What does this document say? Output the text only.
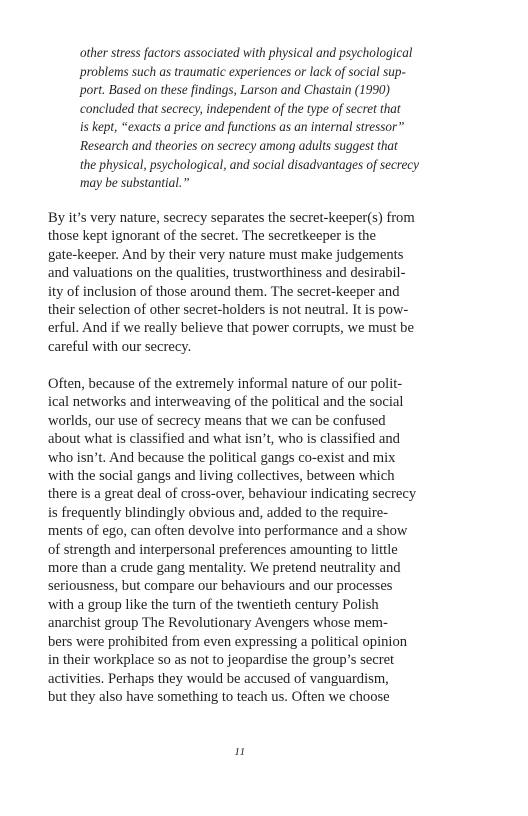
other stress factors associated with physical and psychological
problems such as traumatic experiences or lack of social sup-
port. Based on these findings, Larson and Chastain (1990)
concluded that secrecy, independent of the type of secret that
is kept, “exacts a price and functions as an internal stressor”
Research and theories on secrecy among adults suggest that
the physical, psychological, and social disadvantages of secrecy
may be substantial.”
By it’s very nature, secrecy separates the secret-keeper(s) from
those kept ignorant of the secret. The secretkeeper is the
gate-keeper. And by their very nature must make judgements
and valuations on the qualities, trustworthiness and desirabil-
ity of inclusion of those around them. The secret-keeper and
their selection of other secret-holders is not neutral. It is pow-
erful. And if we really believe that power corrupts, we must be
careful with our secrecy.
Often, because of the extremely informal nature of our polit-
ical networks and interweaving of the political and the social
worlds, our use of secrecy means that we can be confused
about what is classified and what isn’t, who is classified and
who isn’t. And because the political gangs co-exist and mix
with the social gangs and living collectives, between which
there is a great deal of cross-over, behaviour indicating secrecy
is frequently blindingly obvious and, added to the require-
ments of ego, can often devolve into performance and a show
of strength and interpersonal preferences amounting to little
more than a crude gang mentality. We pretend neutrality and
seriousness, but compare our behaviours and our processes
with a group like the turn of the twentieth century Polish
anarchist group The Revolutionary Avengers whose mem-
bers were prohibited from even expressing a political opinion
in their workplace so as not to jeopardise the group’s secret
activities. Perhaps they would be accused of vanguardism,
but they also have something to teach us. Often we choose
11
